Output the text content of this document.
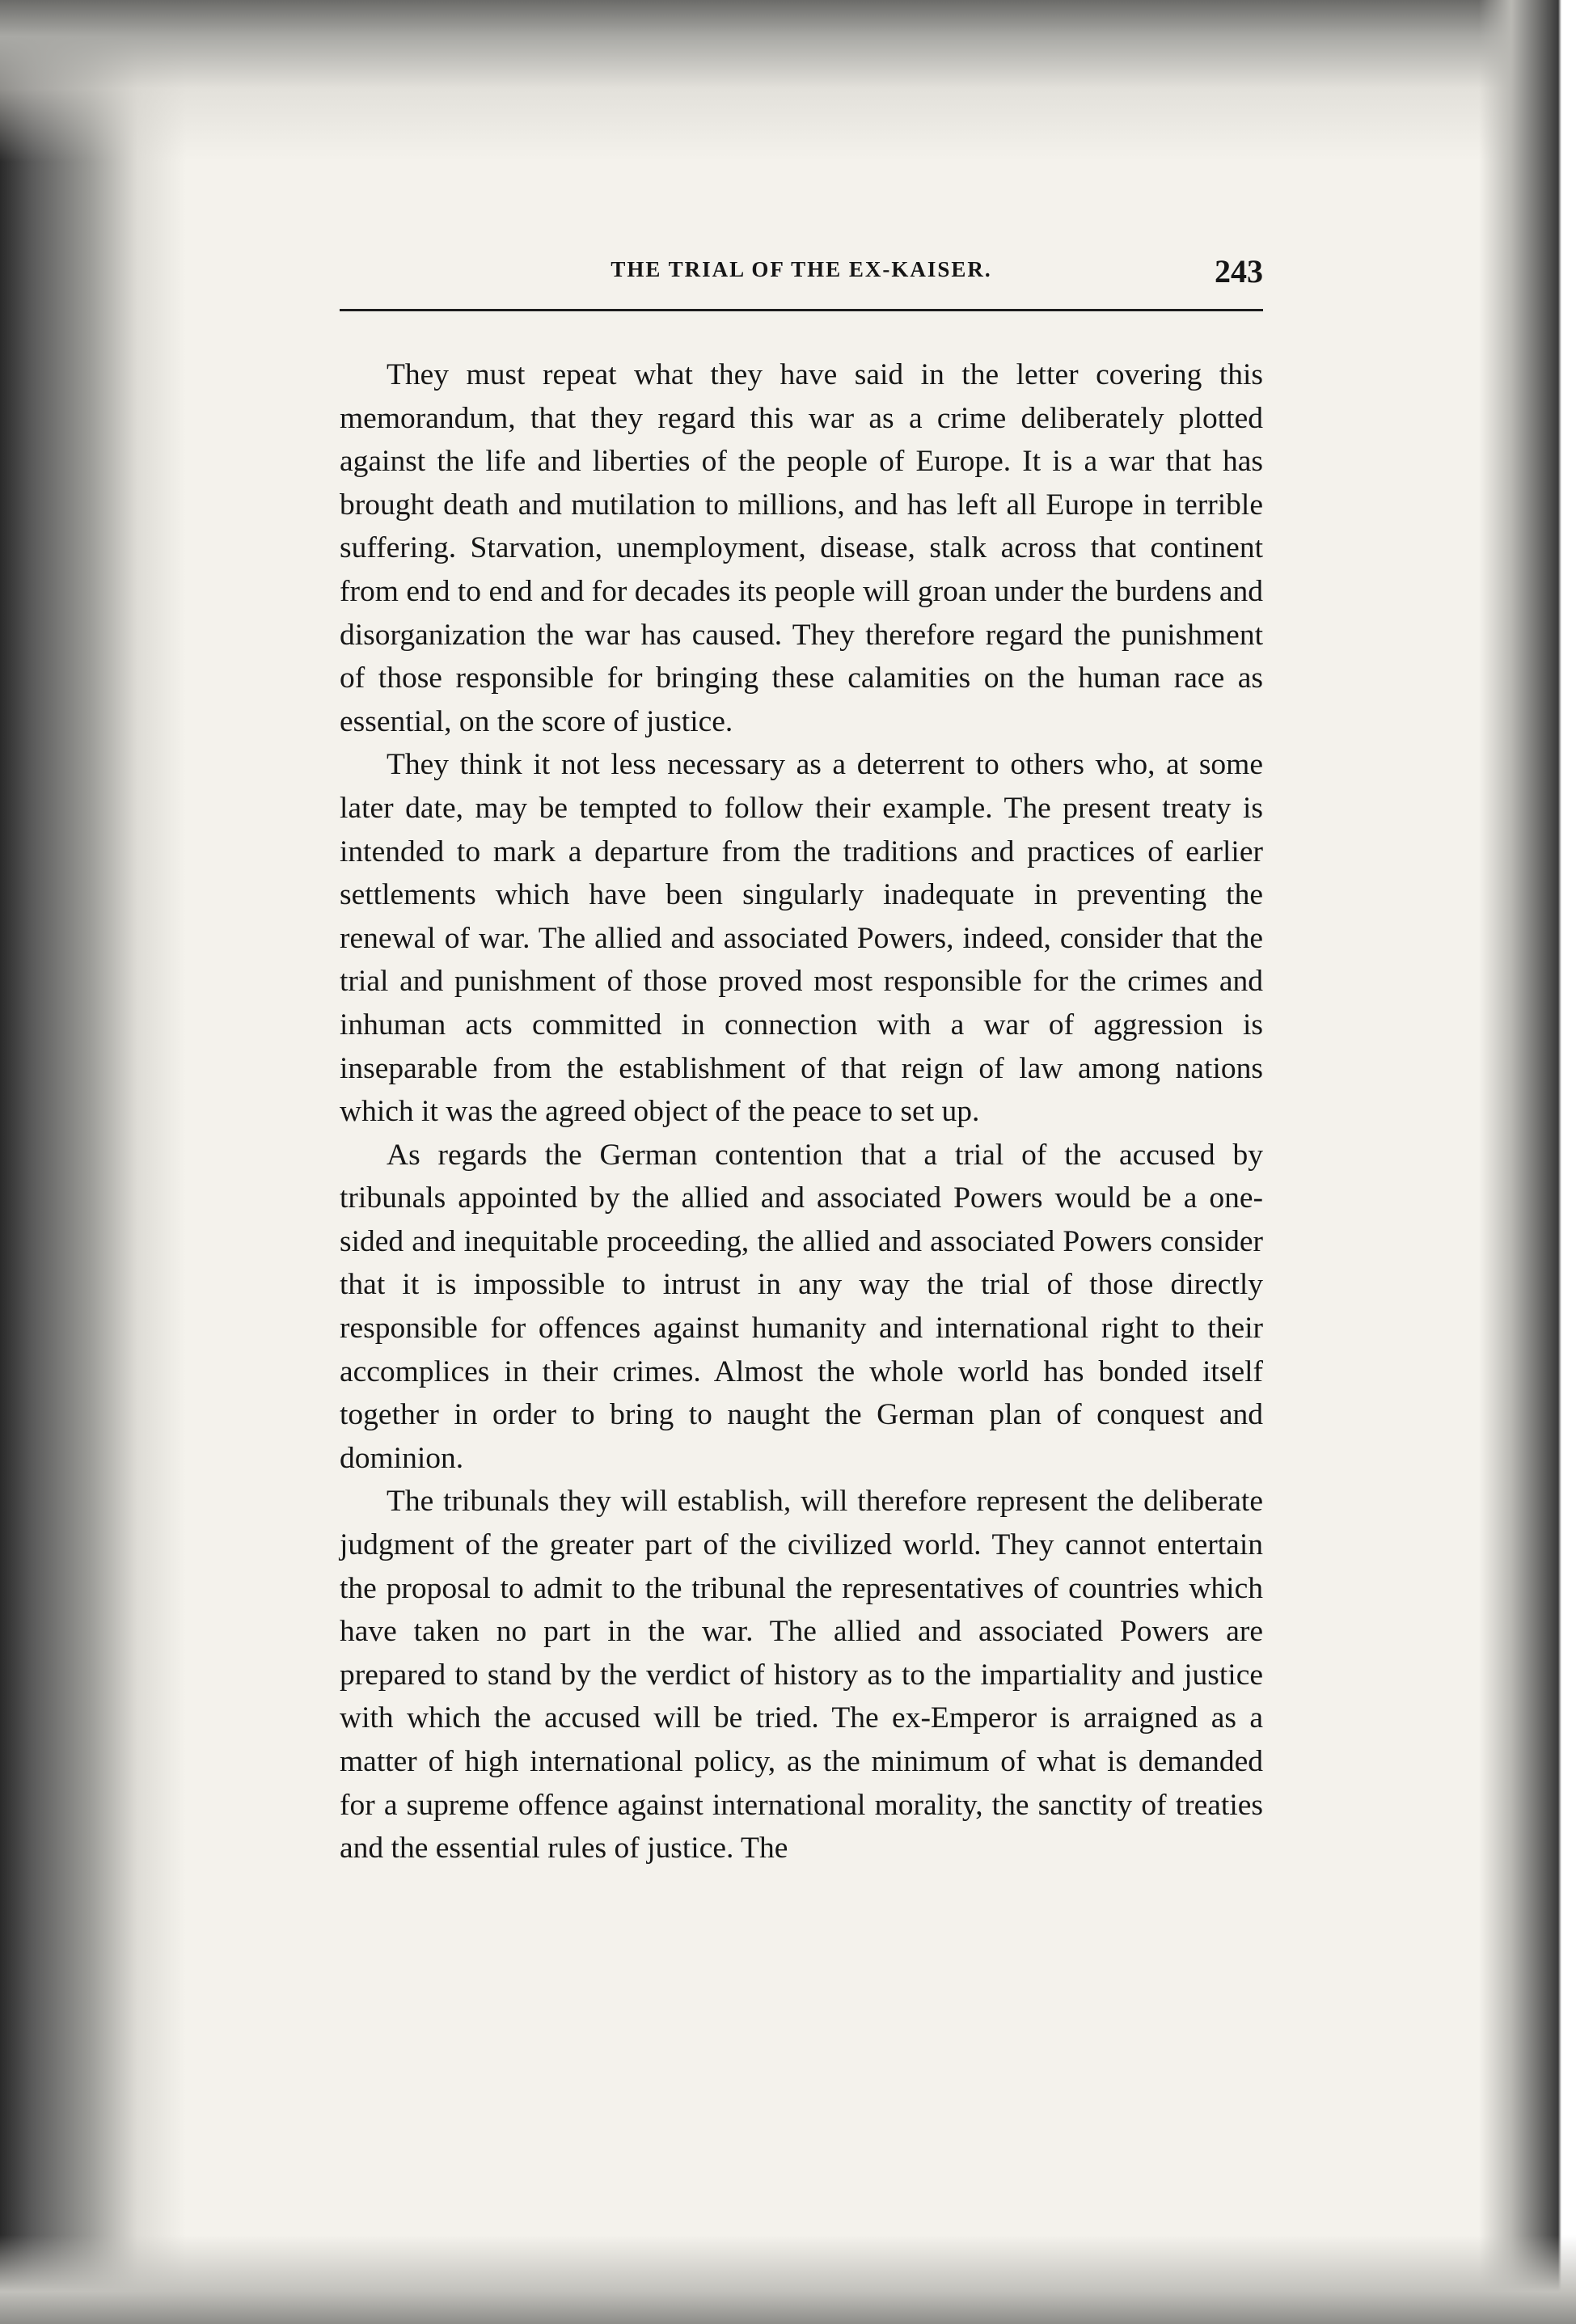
THE TRIAL OF THE EX-KAISER.	243

They must repeat what they have said in the letter covering this memorandum, that they regard this war as a crime deliberately plotted against the life and liberties of the people of Europe. It is a war that has brought death and mutilation to millions, and has left all Europe in terrible suffering. Starvation, unemployment, disease, stalk across that continent from end to end and for decades its people will groan under the burdens and disorganization the war has caused. They therefore regard the punishment of those responsible for bringing these calamities on the human race as essential, on the score of justice.

They think it not less necessary as a deterrent to others who, at some later date, may be tempted to follow their example. The present treaty is intended to mark a departure from the traditions and practices of earlier settlements which have been singularly inadequate in preventing the renewal of war. The allied and associated Powers, indeed, consider that the trial and punishment of those proved most responsible for the crimes and inhuman acts committed in connection with a war of aggression is inseparable from the establishment of that reign of law among nations which it was the agreed object of the peace to set up.

As regards the German contention that a trial of the accused by tribunals appointed by the allied and associated Powers would be a one-sided and inequitable proceeding, the allied and associated Powers consider that it is impossible to intrust in any way the trial of those directly responsible for offences against humanity and international right to their accomplices in their crimes. Almost the whole world has bonded itself together in order to bring to naught the German plan of conquest and dominion.

The tribunals they will establish, will therefore represent the deliberate judgment of the greater part of the civilized world. They cannot entertain the proposal to admit to the tribunal the representatives of countries which have taken no part in the war. The allied and associated Powers are prepared to stand by the verdict of history as to the impartiality and justice with which the accused will be tried. The ex-Emperor is arraigned as a matter of high international policy, as the minimum of what is demanded for a supreme offence against international morality, the sanctity of treaties and the essential rules of justice. The
